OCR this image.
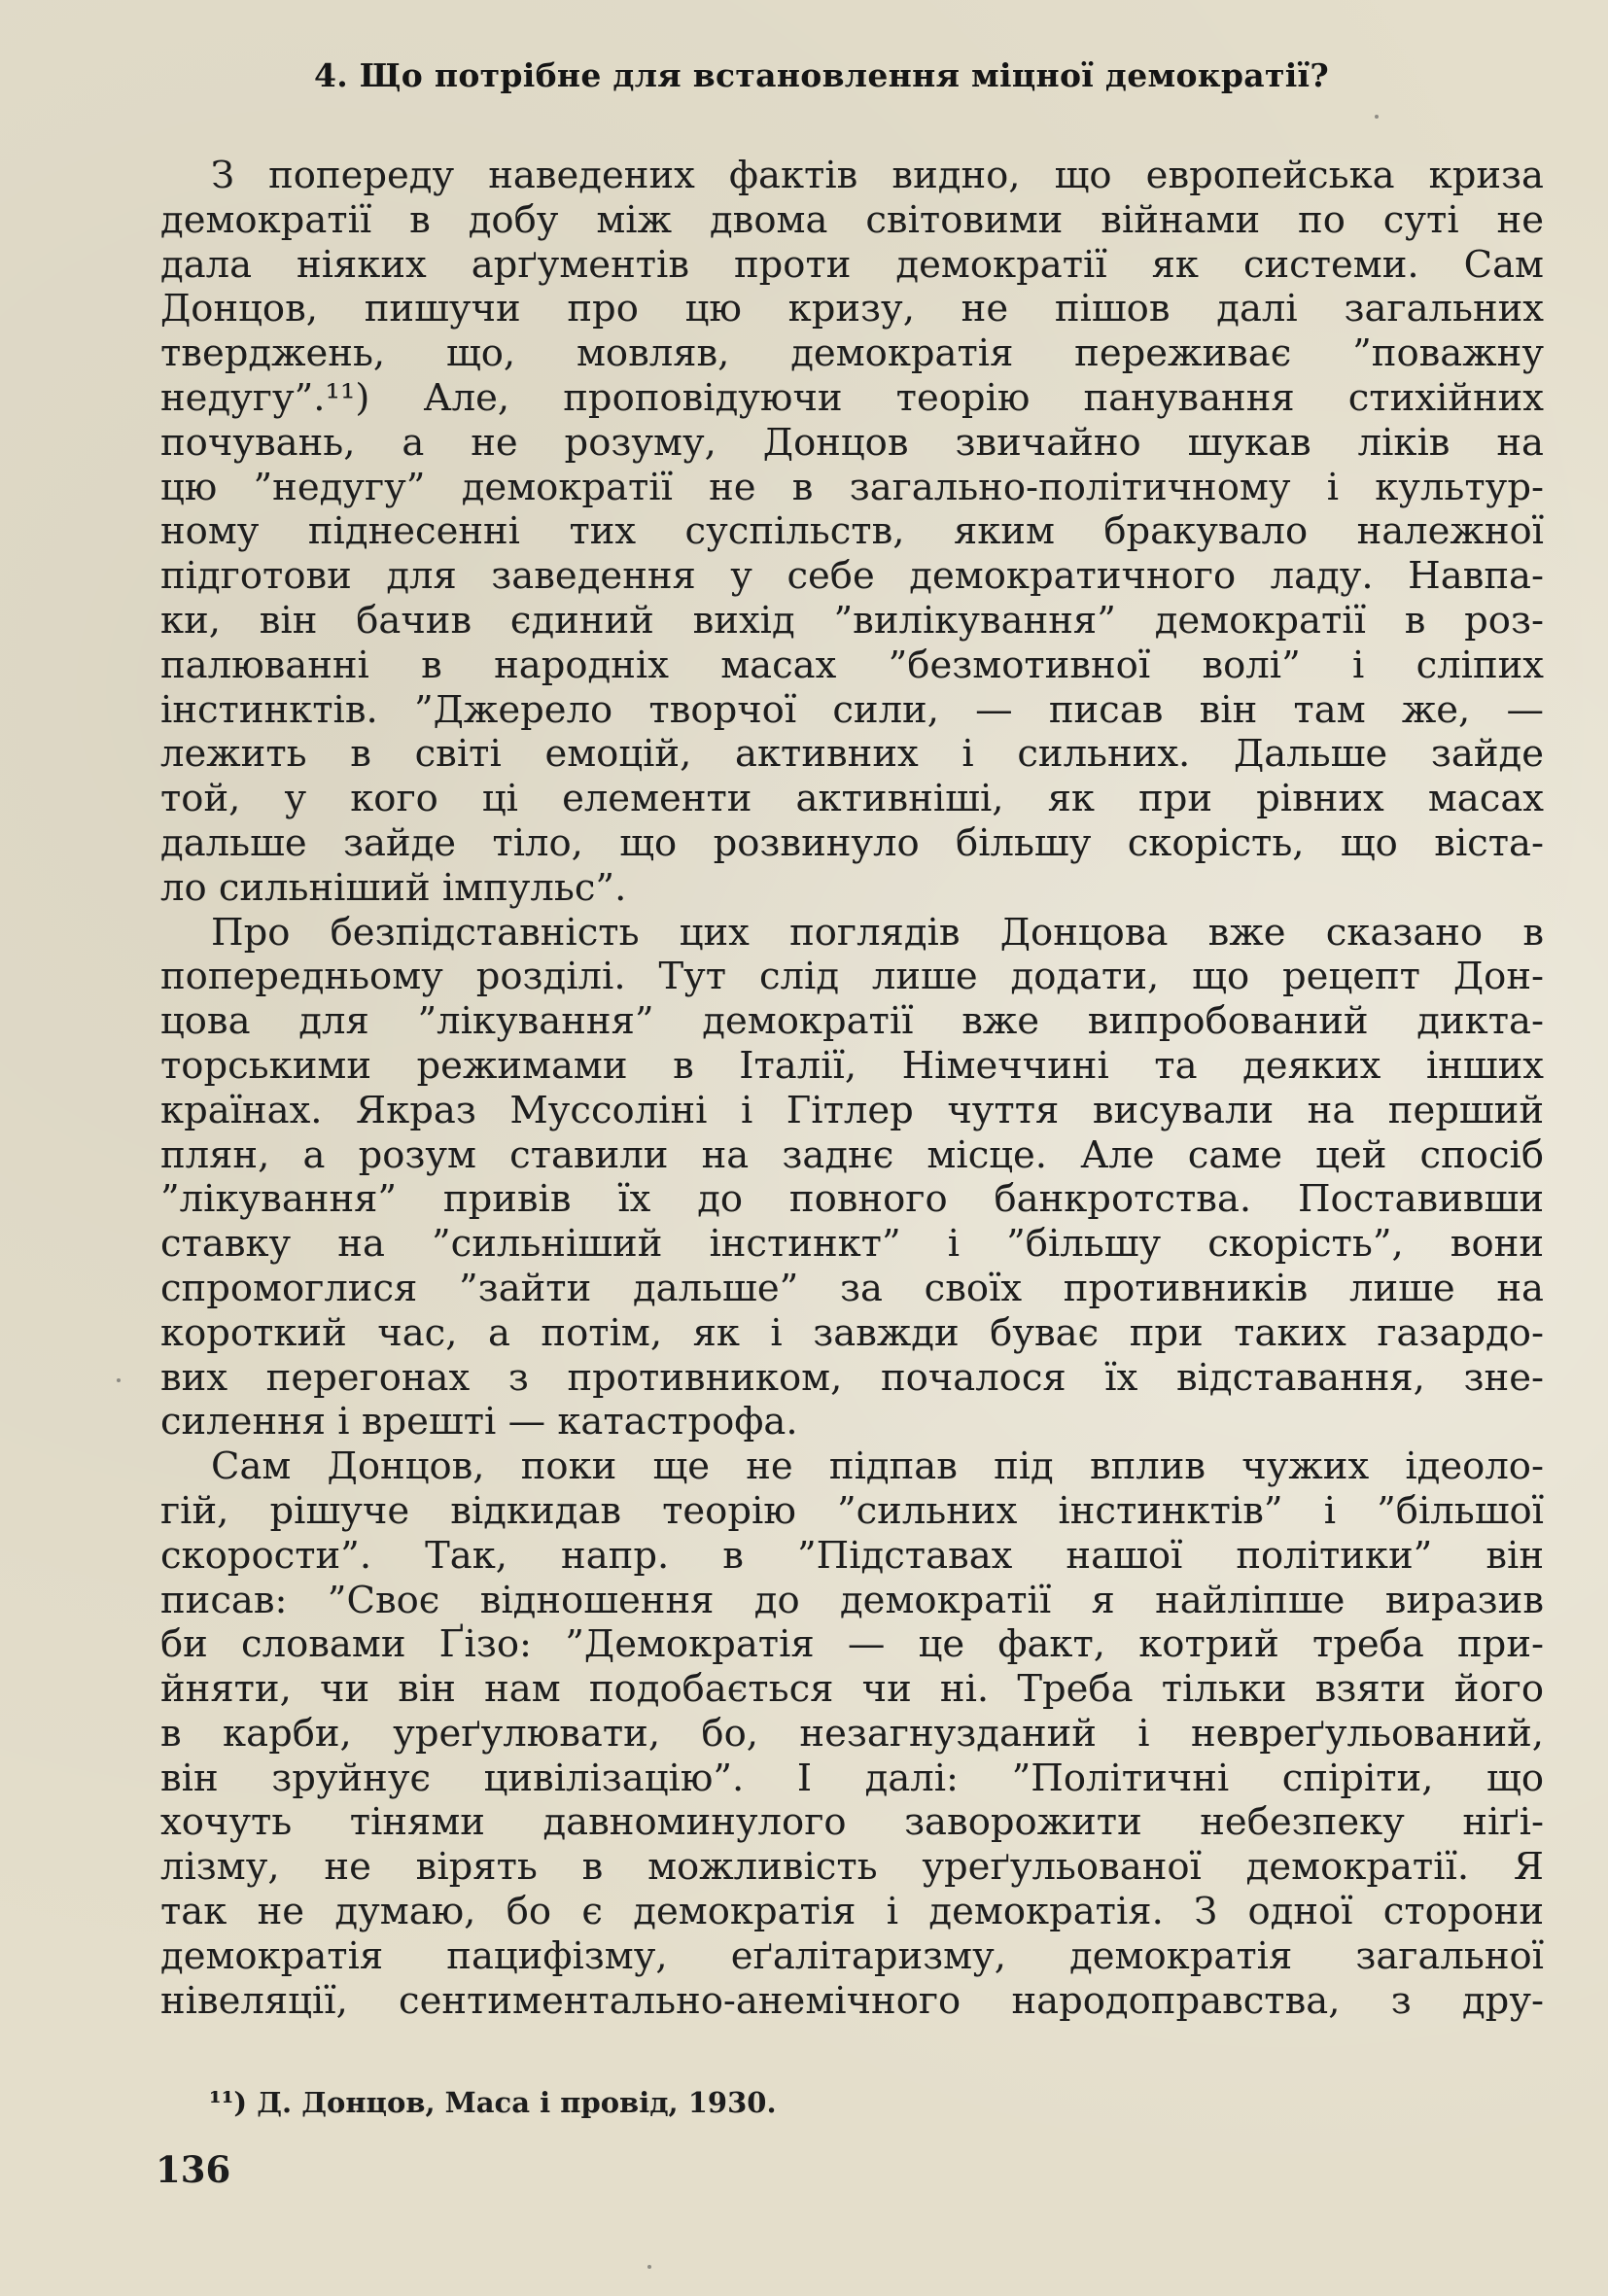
4. Що потрібне для встановлення міцної демократії?
З попереду наведених фактів видно, що европейська криза
демократії в добу між двома світовими війнами по суті не
дала ніяких арґументів проти демократії як системи. Сам
Донцов, пишучи про цю кризу, не пішов далі загальних
тверджень, що, мовляв, демократія переживає ”поважну
недугу”.¹¹) Але, проповідуючи теорію панування стихійних
почувань, а не розуму, Донцов звичайно шукав ліків на
цю ”недугу” демократії не в загально-політичному і культур-
ному піднесенні тих суспільств, яким бракувало належної
підготови для заведення у себе демократичного ладу. Навпа-
ки, він бачив єдиний вихід ”вилікування” демократії в роз-
палюванні в народніх масах ”безмотивної волі” і сліпих
інстинктів. ”Джерело творчої сили, — писав він там же, —
лежить в світі емоцій, активних і сильних. Дальше зайде
той, у кого ці елементи активніші, як при рівних масах
дальше зайде тіло, що розвинуло більшу скорість, що віста-
ло сильніший імпульс”.
Про безпідставність цих поглядів Донцова вже сказано в
попередньому розділі. Тут слід лише додати, що рецепт Дон-
цова для ”лікування” демократії вже випробований дикта-
торськими режимами в Італії, Німеччині та деяких інших
країнах. Якраз Муссоліні і Гітлер чуття висували на перший
плян, а розум ставили на заднє місце. Але саме цей спосіб
”лікування” привів їх до повного банкротства. Поставивши
ставку на ”сильніший інстинкт” і ”більшу скорість”, вони
спромоглися ”зайти дальше” за своїх противників лише на
короткий час, а потім, як і завжди буває при таких газардо-
вих перегонах з противником, почалося їх відставання, зне-
силення і врешті — катастрофа.
Сам Донцов, поки ще не підпав під вплив чужих ідеоло-
гій, рішуче відкидав теорію ”сильних інстинктів” і ”більшої
скорости”. Так, напр. в ”Підставах нашої політики” він
писав: ”Своє відношення до демократії я найліпше виразив
би словами Ґізо: ”Демократія — це факт, котрий треба при-
йняти, чи він нам подобається чи ні. Треба тільки взяти його
в карби, уреґулювати, бо, незагнузданий і невреґульований,
він зруйнує цивілізацію”. І далі: ”Політичні спіріти, що
хочуть тінями давноминулого заворожити небезпеку ніґі-
лізму, не вірять в можливість уреґульованої демократії. Я
так не думаю, бо є демократія і демократія. З одної сторони
демократія пацифізму, еґалітаризму, демократія загальної
нівеляції, сентиментально-анемічного народоправства, з дру-
¹¹) Д. Донцов, Маса і провід, 1930.
136
